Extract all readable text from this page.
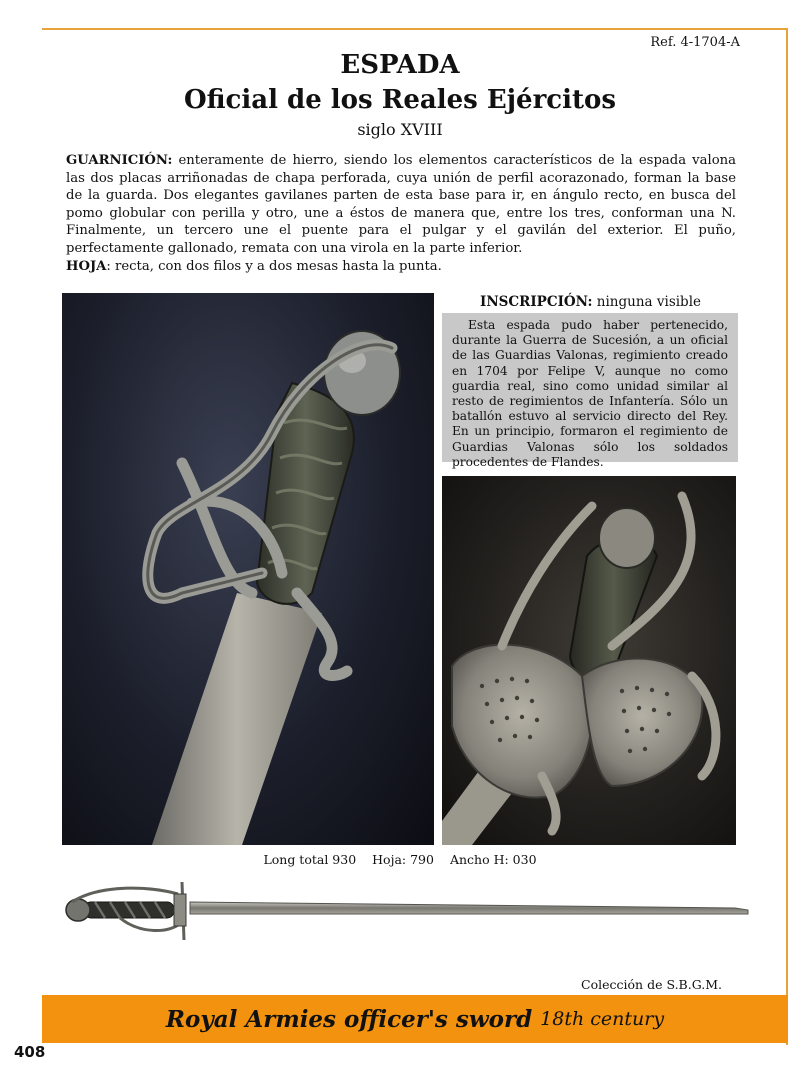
Ref. 4-1704-A
ESPADA
Oficial de los Reales Ejércitos
siglo XVIII
GUARNICIÓN: enteramente de hierro, siendo los elementos característicos de la espada valona las dos placas arriñonadas de chapa perforada, cuya unión de perfil acorazonado, forman la base de la guarda. Dos elegantes gavilanes parten de esta base para ir, en ángulo recto, en busca del pomo globular con perilla y otro, une a éstos de manera que, entre los tres, conforman una N. Finalmente, un tercero une el puente para el pulgar y el gavilán del exterior. El puño, perfectamente gallonado, remata con una virola en la parte inferior.
HOJA: recta, con dos filos y a dos mesas hasta la punta.
INSCRIPCIÓN: ninguna visible
Esta espada pudo haber pertenecido, durante la Guerra de Sucesión, a un oficial de las Guardias Valonas, regimiento creado en 1704 por Felipe V, aunque no como guardia real, sino como unidad similar al resto de regimientos de Infantería. Sólo un batallón estuvo al servicio directo del Rey. En un principio, formaron el regimiento de Guardias Valonas sólo los soldados procedentes de Flandes.
Long total 930 Hoja: 790 Ancho H: 030
Colección de S.B.G.M.
Royal Armies officer's sword 18th century
408
